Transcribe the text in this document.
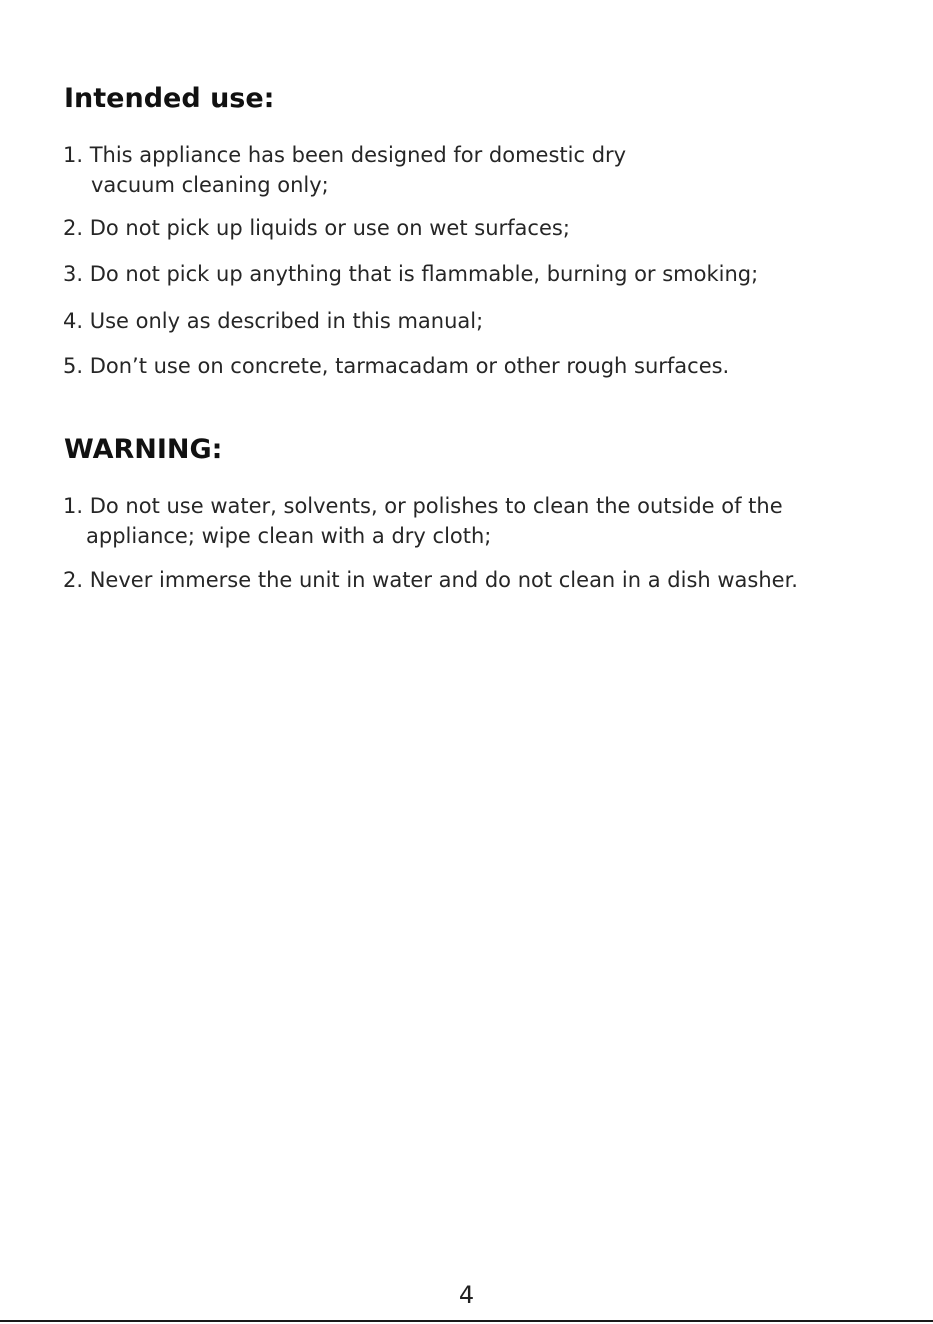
Intended use:

1. This appliance has been designed for domestic dry
vacuum cleaning only;

2. Do not pick up liquids or use on wet surfaces;

3. Do not pick up anything that is flammable, burning or smoking;

4. Use only as described in this manual;

5. Don’t use on concrete, tarmacadam or other rough surfaces.

WARNING:

1. Do not use water, solvents, or polishes to clean the outside of the
appliance; wipe clean with a dry cloth;

2. Never immerse the unit in water and do not clean in a dish washer.

4
